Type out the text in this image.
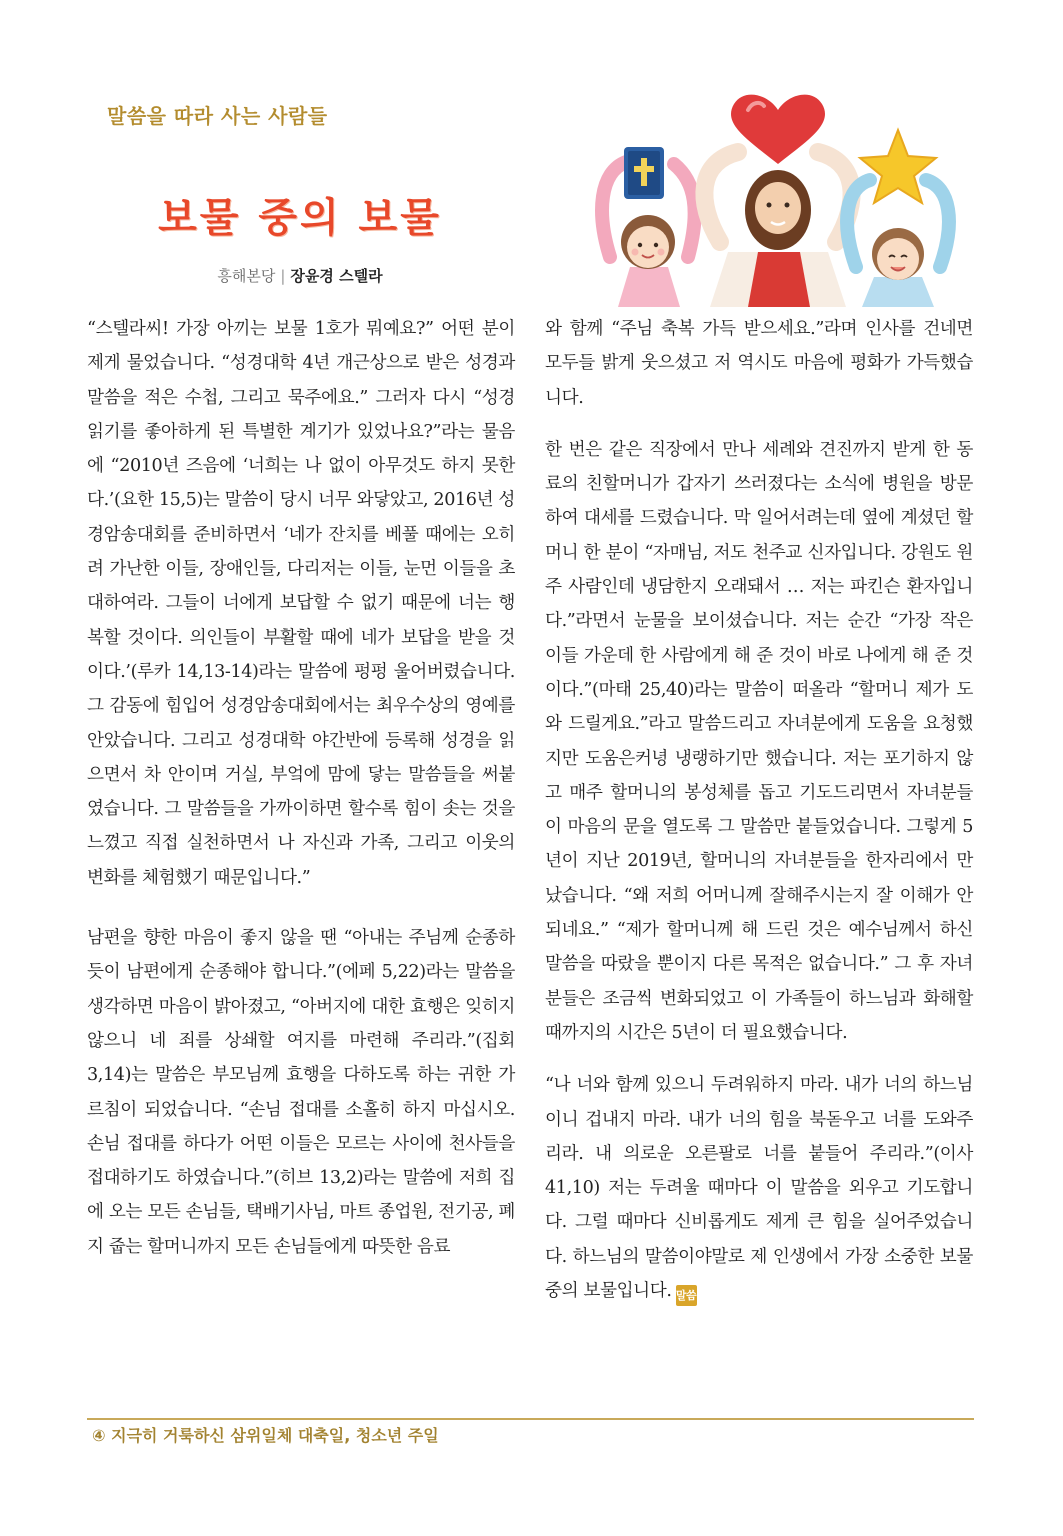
말씀을 따라 사는 사람들
보물 중의 보물
흥해본당 | 장윤경 스텔라

“스텔라씨! 가장 아끼는 보물 1호가 뭐예요?” 어떤 분이 제게 물었습니다. “성경대학 4년 개근상으로 받은 성경과 말씀을 적은 수첩, 그리고 묵주에요.” 그러자 다시 “성경읽기를 좋아하게 된 특별한 계기가 있었나요?”라는 물음에 “2010년 즈음에 ‘너희는 나 없이 아무것도 하지 못한다.’(요한 15,5)는 말씀이 당시 너무 와닿았고, 2016년 성경암송대회를 준비하면서 ‘네가 잔치를 베풀 때에는 오히려 가난한 이들, 장애인들, 다리저는 이들, 눈먼 이들을 초대하여라. 그들이 너에게 보답할 수 없기 때문에 너는 행복할 것이다. 의인들이 부활할 때에 네가 보답을 받을 것이다.’(루카 14,13-14)라는 말씀에 펑펑 울어버렸습니다. 그 감동에 힘입어 성경암송대회에서는 최우수상의 영예를 안았습니다. 그리고 성경대학 야간반에 등록해 성경을 읽으면서 차 안이며 거실, 부엌에 맘에 닿는 말씀들을 써붙였습니다. 그 말씀들을 가까이하면 할수록 힘이 솟는 것을 느꼈고 직접 실천하면서 나 자신과 가족, 그리고 이웃의 변화를 체험했기 때문입니다.”

남편을 향한 마음이 좋지 않을 땐 “아내는 주님께 순종하듯이 남편에게 순종해야 합니다.”(에페 5,22)라는 말씀을 생각하면 마음이 밝아졌고, “아버지에 대한 효행은 잊히지 않으니 네 죄를 상쇄할 여지를 마련해 주리라.”(집회 3,14)는 말씀은 부모님께 효행을 다하도록 하는 귀한 가르침이 되었습니다. “손님 접대를 소홀히 하지 마십시오. 손님 접대를 하다가 어떤 이들은 모르는 사이에 천사들을 접대하기도 하였습니다.”(히브 13,2)라는 말씀에 저희 집에 오는 모든 손님들, 택배기사님, 마트 종업원, 전기공, 폐지 줍는 할머니까지 모든 손님들에게 따뜻한 음료

와 함께 “주님 축복 가득 받으세요.”라며 인사를 건네면 모두들 밝게 웃으셨고 저 역시도 마음에 평화가 가득했습니다.

한 번은 같은 직장에서 만나 세례와 견진까지 받게 한 동료의 친할머니가 갑자기 쓰러졌다는 소식에 병원을 방문하여 대세를 드렸습니다. 막 일어서려는데 옆에 계셨던 할머니 한 분이 “자매님, 저도 천주교 신자입니다. 강원도 원주 사람인데 냉담한지 오래돼서 … 저는 파킨슨 환자입니다.”라면서 눈물을 보이셨습니다. 저는 순간 “가장 작은 이들 가운데 한 사람에게 해 준 것이 바로 나에게 해 준 것이다.”(마태 25,40)라는 말씀이 떠올라 “할머니 제가 도와 드릴게요.”라고 말씀드리고 자녀분에게 도움을 요청했지만 도움은커녕 냉랭하기만 했습니다. 저는 포기하지 않고 매주 할머니의 봉성체를 돕고 기도드리면서 자녀분들이 마음의 문을 열도록 그 말씀만 붙들었습니다. 그렇게 5년이 지난 2019년, 할머니의 자녀분들을 한자리에서 만났습니다. “왜 저희 어머니께 잘해주시는지 잘 이해가 안 되네요.” “제가 할머니께 해 드린 것은 예수님께서 하신 말씀을 따랐을 뿐이지 다른 목적은 없습니다.” 그 후 자녀분들은 조금씩 변화되었고 이 가족들이 하느님과 화해할 때까지의 시간은 5년이 더 필요했습니다.

“나 너와 함께 있으니 두려워하지 마라. 내가 너의 하느님이니 겁내지 마라. 내가 너의 힘을 북돋우고 너를 도와주리라. 내 의로운 오른팔로 너를 붙들어 주리라.”(이사 41,10) 저는 두려울 때마다 이 말씀을 외우고 기도합니다. 그럴 때마다 신비롭게도 제게 큰 힘을 실어주었습니다. 하느님의 말씀이야말로 제 인생에서 가장 소중한 보물 중의 보물입니다. 말씀

④ 지극히 거룩하신 삼위일체 대축일, 청소년 주일
